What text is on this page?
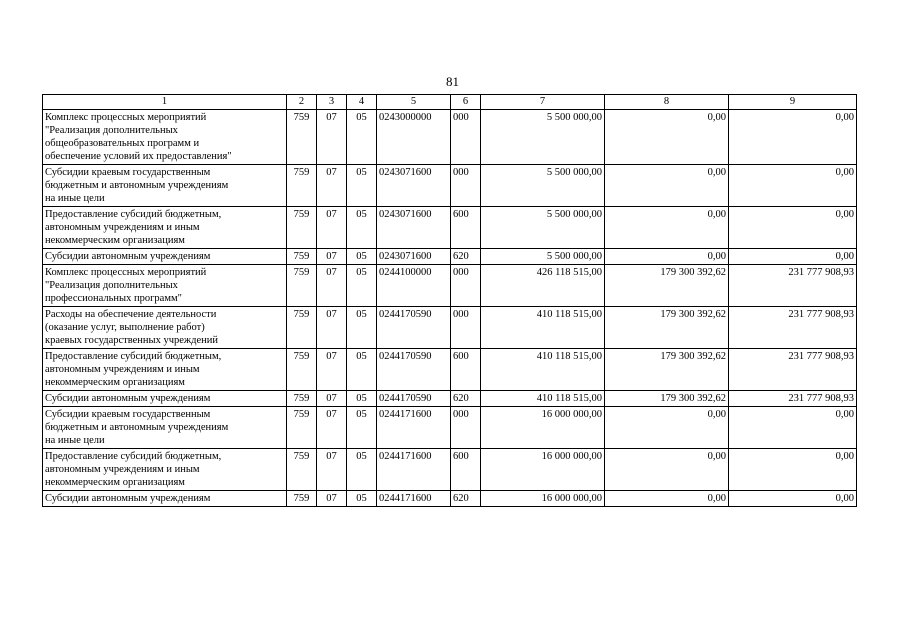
81
1	2	3	4	5	6	7	8	9

Комплекс процессных мероприятий
"Реализация дополнительных
общеобразовательных программ и
обеспечение условий их предоставления"	759	07	05	0243000000	000	5 500 000,00	0,00	0,00

Субсидии краевым государственным
бюджетным и автономным учреждениям
на иные цели	759	07	05	0243071600	000	5 500 000,00	0,00	0,00

Предоставление субсидий бюджетным,
автономным учреждениям и иным
некоммерческим организациям	759	07	05	0243071600	600	5 500 000,00	0,00	0,00

Субсидии автономным учреждениям	759	07	05	0243071600	620	5 500 000,00	0,00	0,00

Комплекс процессных мероприятий
"Реализация дополнительных
профессиональных программ"	759	07	05	0244100000	000	426 118 515,00	179 300 392,62	231 777 908,93

Расходы на обеспечение деятельности
(оказание услуг, выполнение работ)
краевых государственных учреждений	759	07	05	0244170590	000	410 118 515,00	179 300 392,62	231 777 908,93

Предоставление субсидий бюджетным,
автономным учреждениям и иным
некоммерческим организациям	759	07	05	0244170590	600	410 118 515,00	179 300 392,62	231 777 908,93

Субсидии автономным учреждениям	759	07	05	0244170590	620	410 118 515,00	179 300 392,62	231 777 908,93

Субсидии краевым государственным
бюджетным и автономным учреждениям
на иные цели	759	07	05	0244171600	000	16 000 000,00	0,00	0,00

Предоставление субсидий бюджетным,
автономным учреждениям и иным
некоммерческим организациям	759	07	05	0244171600	600	16 000 000,00	0,00	0,00

Субсидии автономным учреждениям	759	07	05	0244171600	620	16 000 000,00	0,00	0,00
